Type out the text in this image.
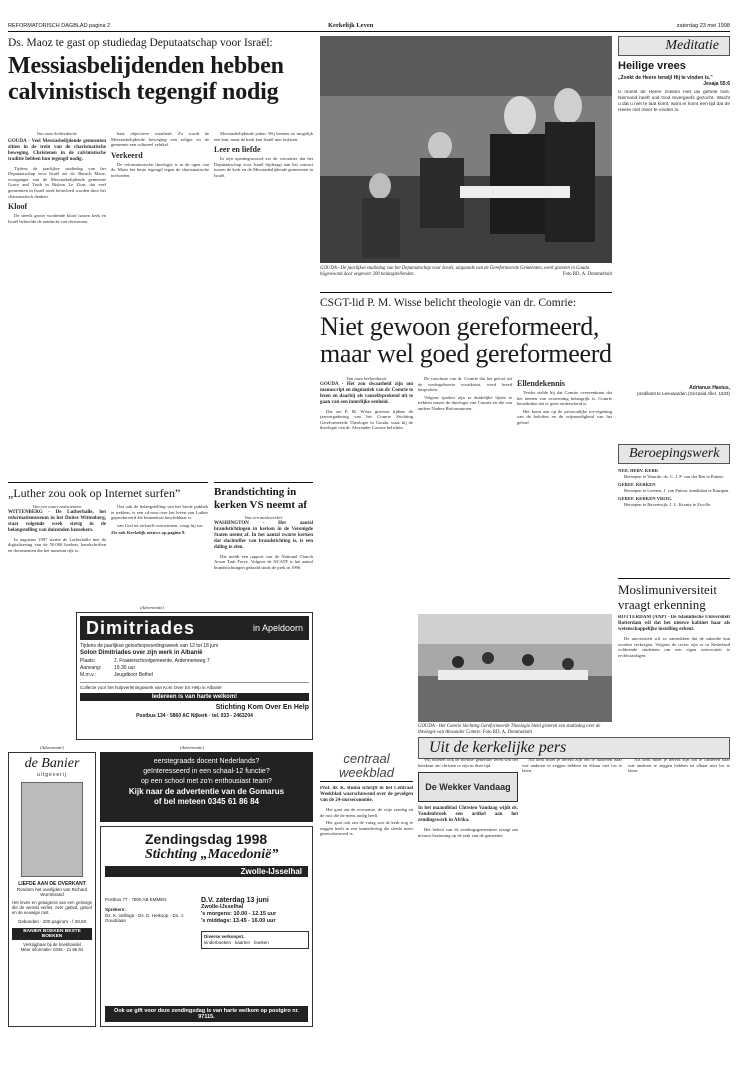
REFORMATORISCH DAGBLAD pagina 2	Kerkelijk Leven	zaterdag 23 mei 1998
Ds. Maoz te gast op studiedag Deputaatschap voor Israël:
Messiasbelijdenden hebben calvinistisch tegengif nodig
Van onze kerkredactie
GOUDA - Veel Messiasbelijdende gemeenten zitten in de trein van de charismatische beweging. Christenen in de calvinistische traditie hebben hun tegengif nodig.

Tijdens de jaarlijkse studiedag van het Deputaatschap voor Israël zei ds. Baruch Maoz, voorganger van de Messiasbelijdende gemeente Grace and Truth in Rishon Le Zion, dat veel gemeenten in Israël sterk beïnvloed worden door het charismatisch denken.

Kloof

De steeds groter wordende kloof tussen kerk en Israël behoefde de aandacht van christenen.

haar objectieve waarheid. Zo wordt de Messiasbelijdende beweging een religie en de gemeente een cultureel vehikel.

Verkeerd

De reformatorische theologie is in de ogen van ds. Maoz het beste tegengif tegen de charismatische invloeden.

Messiasbelijdende joden. Wij kennen zo mogelijk een ban, maar de kerk kan Israël niet loslaten.

Leer en liefde

In zijn openingswoord zei de voorzitter dat het Deputaatschap voor Israël bijdraagt aan het contact tussen de kerk en de Messiasbelijdende gemeenten in Israël.

GOUDA - De jaarlijkse studiedag van het Deputaatschap voor Israël, uitgaande van de Gereformeerde Gemeenten, werd gisteren in Gouda bijgewoond door ongeveer 200 belangstellenden.	Foto RD, A. Dommerholt
CSGT-lid P. M. Wisse belicht theologie van dr. Comrie:
Niet gewoon gereformeerd, maar wel goed gereformeerd
Van onze kerkredactie
GOUDA - Het zou dwaasheid zijn om manuscript en dogmatiek van dr. Comrie te lezen en daarbij als vanzelfsprekend uit te gaan van een innerlijke eenheid.

Dat zei P. M. Wisse gisteren tijdens de jaarvergadering van het Comrie Stichting Gereformeerde Theologie in Gouda, waar hij de theologie van dr. Alexander Comrie belichtte.

De conclusie van dr. Comrie dat het geloof uit de wedergeboorte voortkomt, werd breed besproken.

Volgens spreker zijn er duidelijke lijnen te trekken tussen de theologie van Comrie en die van andere Nadere Reformatoren.

Ellendekennis

Verder stelde hij dat Comrie overeenkomt dat het nemen van verzoening belangrijk is. Comrie benadrukte dat er geen onderscheid is.

Het komt aan op de persoonlijke toe-eigening van de beloften en de vrijmoedigheid van het geloof.

GOUDA - Het Comrie Stichting Gereformeerde Theologie hield gisteren een studiedag over de theologie van Alexander Comrie. Foto RD, A. Dommerholt
„Luther zou ook op Internet surfen”
Van een onzer redacteuren
WITTENBERG - De Lutherhalle, het reformatiemuseum in het Duitse Wittenberg, staat volgende week stevig in de belangstelling van duizenden bezoekers.

In augustus 1997 startte de Lutherhalle met de digitalisering van de 50.000 boeken, handschriften en documenten die het museum rijk is.

Om ook de belangstelling van het brede publiek te trekken, is een cd-rom over het leven van Luther geproduceerd die binnenkort beschikbaar is.

van God tot zichzelf overwinnen, voegt hij toe.

Zie ook Kerkelijk nieuws op pagina 9.
Brandstichting in kerken VS neemt af
Van een medewerker
WASHINGTON - Het aantal brandstichtingen in kerken in de Verenigde Staten neemt af. In het aantal zwarte kerken dat slachtoffer van brandstichting is, is een daling te zien.

Dat meldt een rapport van de National Church Arson Task Force. Volgens de NCATF is het aantal brandstichtingen gedaald sinds de piek in 1996.

(Advertentie)
Dimitriades	in Apeldoorn
Tijdens de jaarlijkse geloofsopvoedingsweek van 12 tot 18 juni
Solon Dimitriades over zijn werk in Albanië
Plaats:	J. Fraaterschoolgemeente, Ardennenweg 7
Aanvang:	19.30 uur
M.m.v.:	Jeugdkoor Bethel
Collecte voor het hulpverleningswerk van Kom Over En Help in Albanië
Iedereen is van harte welkom!
Stichting Kom Over En Help
Postbus 134 · 5860 AC Nijkerk · tel. 033 - 2463204
(Advertentie)
de Banier
uitgeverij
LIEFDE AAN DE OVERKANT
Rondom het overlijden van Richard Wurmbrand
Het leven en getuigenis van een gelovige die de wereld verliet, over gebed, geloof en de eeuwige rust.
Gebonden - 200 pagina's - f 28,50
BANIER BOEKEN BESTE BOEKEN
Verkrijgbaar bij de boekhandel
Meer informatie: 0345 - 21 86 84
(Advertentie)
eerstegraads docent Nederlands?
geïnteresseerd in een schaal-12 functie?
op een school met zo'n enthousiast team?
Kijk naar de advertentie van de Gomarus
of bel meteen 0345 61 86 84
Zendingsdag 1998
Stichting „Macedonië”
Zwolle-IJsselhal
Postbus 77 · 7800 AB EMMEN
Sprekers:
Ds. K. Vallinga · Ds. D. Heikoop · Ds. J. Goudriaan
D.V. zaterdag 13 juni
Zwolle-IJsselhal
's morgens: 10.00 - 12.15 uur
's middags: 13.45 - 16.00 uur
Diverse verkoopst.
kinderboeken · kaarten · boeken
Ook ue gift voor deze zendingsdag is van harte welkom op postgiro nr. 97115.
Meditatie
Heilige vrees
„Zoekt de Heere terwijl Hij te vinden is.”
Jesaja 55:6
U moest de Heere zoeken met uw gehele hart. Niemand heeft ooit God tevergeefs gezocht. Wacht u dat u niet te laat komt, want er komt een tijd dat de Heere niet meer te vinden is.
Adrianus Hasius,
predikant te Leeuwarden (Gezaaid Aller, 1633)
Beroepingswerk
NED. HERV. KERK

Beroepen te Waarde: ds. C. J. P. van der Bas te Putten.

GEREF. KERKEN

Beroepen te Loenen: J. van Putten, kandidaat te Kampen.

GEREF. KERKEN VRIJG.

Beroepen te Ravenwijk: J. L. Krontz te Zwolle.

Moslimuniversiteit vraagt erkenning
ROTTERDAM (ANP) - De Islamitische Universiteit Rotterdam wil dat het nieuwe kabinet haar als wetenschappelijke instelling erkent.

De universiteit wil zo aantrekken dat de subsidie kan worden verkregen. Volgens de rector zijn er in Nederland voldoende studenten om een eigen universiteit te rechtvaardigen.

Uit de kerkelijke pers
centraal weekblad
Prof. dr. K. Runia schrijft in het Centraal Weekblad waarschuwend over de gevolgen van de 24-uurseconomie.

Het gaat om de economie, de vrije zondag en de rust die de mens nodig heeft.

Het gaat ook om de vraag wat de kerk nog te zeggen heeft in een samenleving die steeds meer geseculariseerd is.

Wij moeten ook de nieuwe generatie leren wat het betekent om christen te zijn in deze tijd.

De Wekker Vandaag
In het maandblad Christen Vandaag wijdt ds. Vandenbroek een artikel aan het zendingswerk in Afrika.

Het beleid van de zendingsgemeenten vraagt om nieuwe bezinning op de taak van de gemeente.

Als kerk moet je bereid zijn om te luisteren naar wat anderen te zeggen hebben en elkaar niet los te laten.

Als kerk moet je bereid zijn om te luisteren naar wat anderen te zeggen hebben en elkaar niet los te laten.
